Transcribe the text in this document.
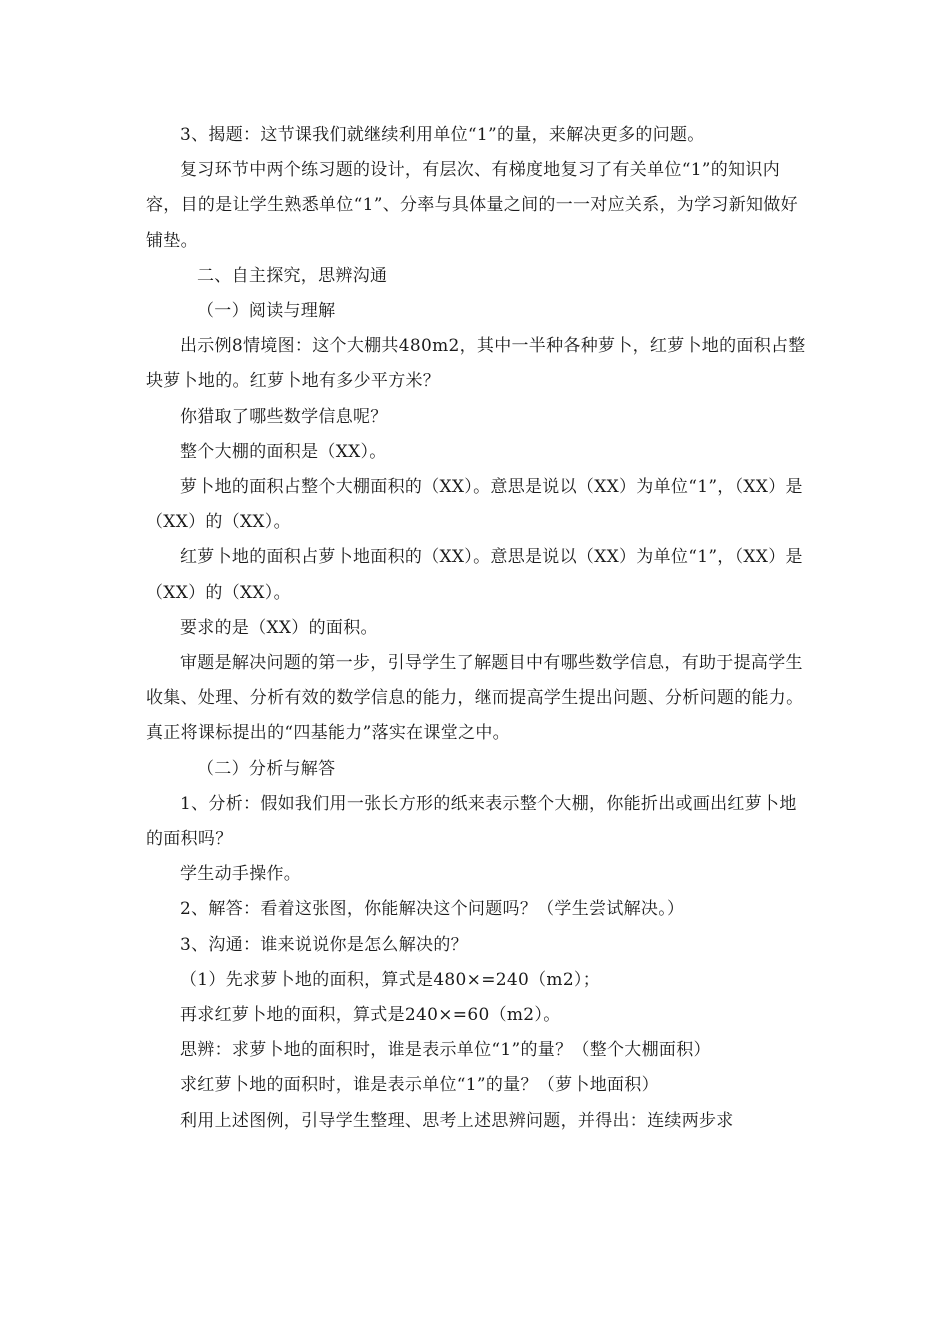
3、揭题：这节课我们就继续利用单位“1”的量，来解决更多的问题。

复习环节中两个练习题的设计，有层次、有梯度地复习了有关单位“1”的知识内容，目的是让学生熟悉单位“1”、分率与具体量之间的一一对应关系，为学习新知做好铺垫。

二、自主探究，思辨沟通

（一）阅读与理解

出示例8情境图：这个大棚共480m2，其中一半种各种萝卜，红萝卜地的面积占整块萝卜地的。红萝卜地有多少平方米？

你猎取了哪些数学信息呢？

整个大棚的面积是（XX）。

萝卜地的面积占整个大棚面积的（XX）。意思是说以（XX）为单位“1”，（XX）是（XX）的（XX）。

红萝卜地的面积占萝卜地面积的（XX）。意思是说以（XX）为单位“1”，（XX）是（XX）的（XX）。

要求的是（XX）的面积。

审题是解决问题的第一步，引导学生了解题目中有哪些数学信息，有助于提高学生收集、处理、分析有效的数学信息的能力，继而提高学生提出问题、分析问题的能力。真正将课标提出的“四基能力”落实在课堂之中。

（二）分析与解答

1、分析：假如我们用一张长方形的纸来表示整个大棚，你能折出或画出红萝卜地的面积吗？

学生动手操作。

2、解答：看着这张图，你能解决这个问题吗？（学生尝试解决。）

3、沟通：谁来说说你是怎么解决的？

（1）先求萝卜地的面积，算式是480×=240（m2）；

再求红萝卜地的面积，算式是240×=60（m2）。

思辨：求萝卜地的面积时，谁是表示单位“1”的量？（整个大棚面积）

求红萝卜地的面积时，谁是表示单位“1”的量？（萝卜地面积）

利用上述图例，引导学生整理、思考上述思辨问题，并得出：连续两步求
